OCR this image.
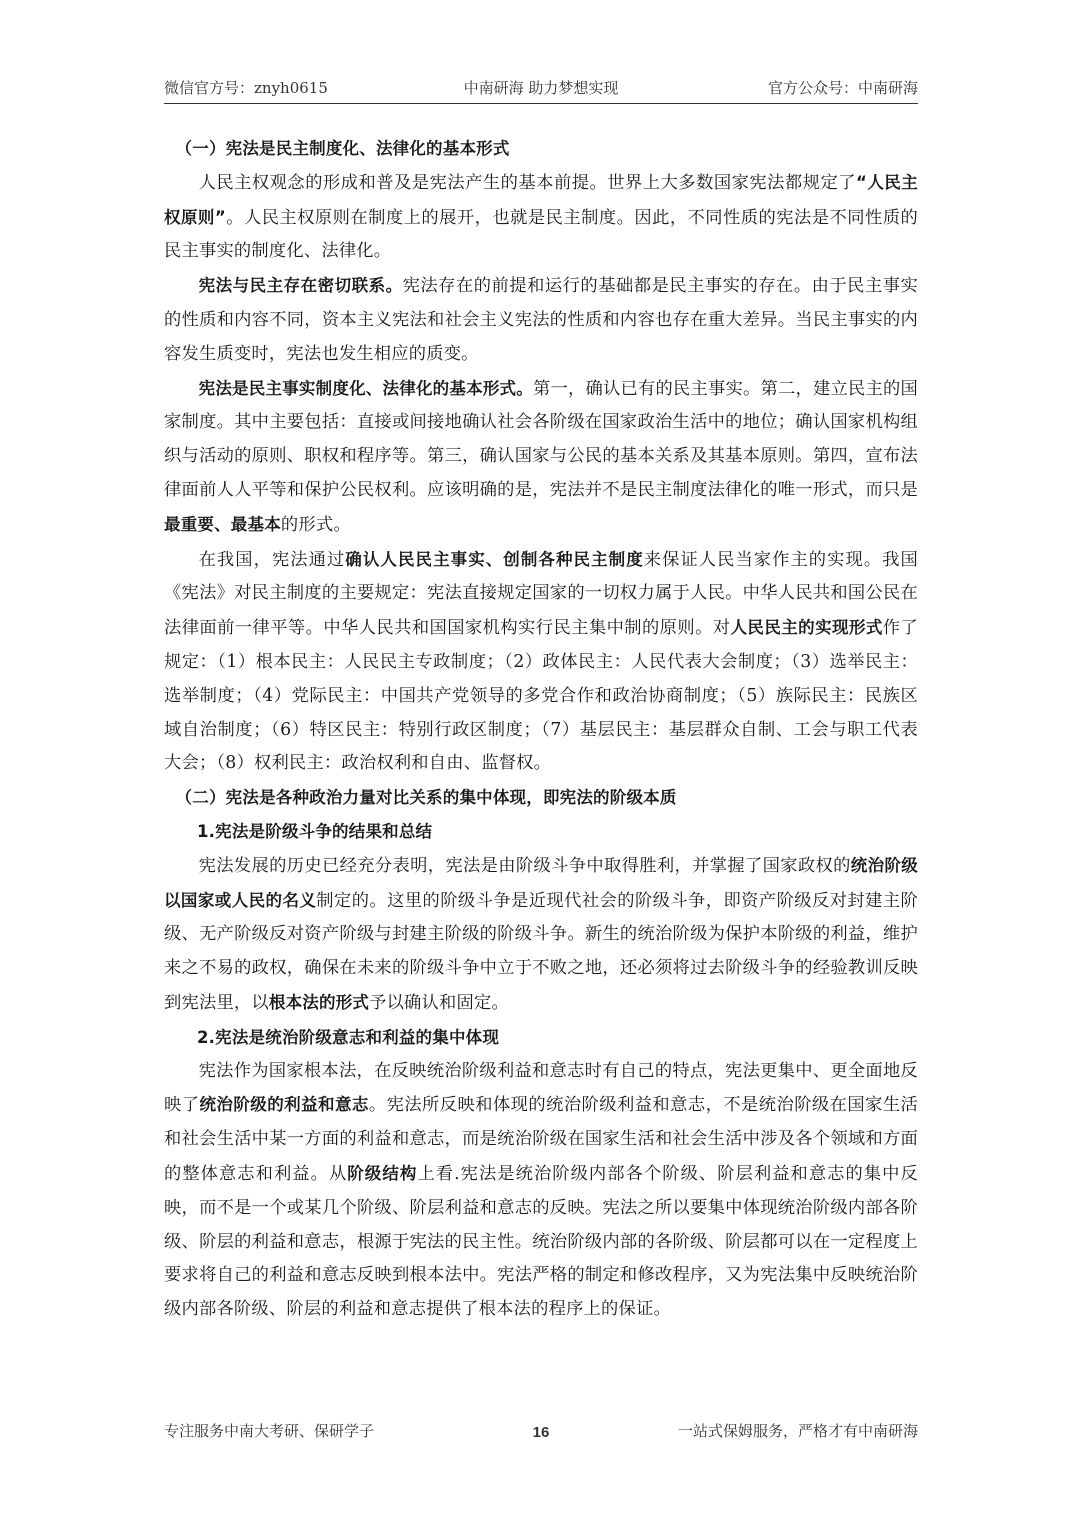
微信官方号：znyh0615	中南研海 助力梦想实现	官方公众号：中南研海

（一）宪法是民主制度化、法律化的基本形式

人民主权观念的形成和普及是宪法产生的基本前提。世界上大多数国家宪法都规定了“人民主权原则”。人民主权原则在制度上的展开，也就是民主制度。因此，不同性质的宪法是不同性质的民主事实的制度化、法律化。

宪法与民主存在密切联系。宪法存在的前提和运行的基础都是民主事实的存在。由于民主事实的性质和内容不同，资本主义宪法和社会主义宪法的性质和内容也存在重大差异。当民主事实的内容发生质变时，宪法也发生相应的质变。

宪法是民主事实制度化、法律化的基本形式。第一，确认已有的民主事实。第二，建立民主的国家制度。其中主要包括：直接或间接地确认社会各阶级在国家政治生活中的地位；确认国家机构组织与活动的原则、职权和程序等。第三，确认国家与公民的基本关系及其基本原则。第四，宣布法律面前人人平等和保护公民权利。应该明确的是，宪法并不是民主制度法律化的唯一形式，而只是最重要、最基本的形式。

在我国，宪法通过确认人民民主事实、创制各种民主制度来保证人民当家作主的实现。我国《宪法》对民主制度的主要规定：宪法直接规定国家的一切权力属于人民。中华人民共和国公民在法律面前一律平等。中华人民共和国国家机构实行民主集中制的原则。对人民民主的实现形式作了规定：（1）根本民主：人民民主专政制度；（2）政体民主：人民代表大会制度；（3）选举民主：选举制度；（4）党际民主：中国共产党领导的多党合作和政治协商制度；（5）族际民主：民族区域自治制度；（6）特区民主：特别行政区制度；（7）基层民主：基层群众自制、工会与职工代表大会；（8）权利民主：政治权利和自由、监督权。

（二）宪法是各种政治力量对比关系的集中体现，即宪法的阶级本质

1.宪法是阶级斗争的结果和总结

宪法发展的历史已经充分表明，宪法是由阶级斗争中取得胜利，并掌握了国家政权的统治阶级以国家或人民的名义制定的。这里的阶级斗争是近现代社会的阶级斗争，即资产阶级反对封建主阶级、无产阶级反对资产阶级与封建主阶级的阶级斗争。新生的统治阶级为保护本阶级的利益，维护来之不易的政权，确保在未来的阶级斗争中立于不败之地，还必须将过去阶级斗争的经验教训反映到宪法里，以根本法的形式予以确认和固定。

2.宪法是统治阶级意志和利益的集中体现

宪法作为国家根本法，在反映统治阶级利益和意志时有自己的特点，宪法更集中、更全面地反映了统治阶级的利益和意志。宪法所反映和体现的统治阶级利益和意志，不是统治阶级在国家生活和社会生活中某一方面的利益和意志，而是统治阶级在国家生活和社会生活中涉及各个领域和方面的整体意志和利益。从阶级结构上看.宪法是统治阶级内部各个阶级、阶层利益和意志的集中反映，而不是一个或某几个阶级、阶层利益和意志的反映。宪法之所以要集中体现统治阶级内部各阶级、阶层的利益和意志，根源于宪法的民主性。统治阶级内部的各阶级、阶层都可以在一定程度上要求将自己的利益和意志反映到根本法中。宪法严格的制定和修改程序，又为宪法集中反映统治阶级内部各阶级、阶层的利益和意志提供了根本法的程序上的保证。

专注服务中南大考研、保研学子	16	一站式保姆服务，严格才有中南研海
